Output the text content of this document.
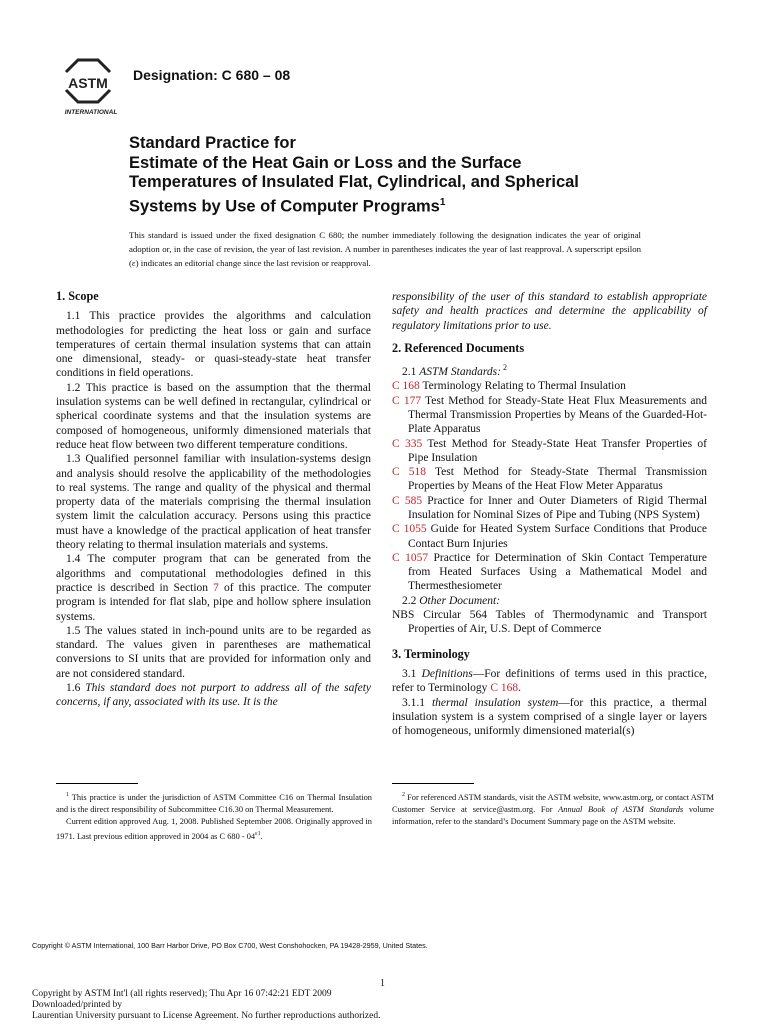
ASTM
INTERNATIONAL
Designation: C 680 – 08
Standard Practice for
Estimate of the Heat Gain or Loss and the Surface
Temperatures of Insulated Flat, Cylindrical, and Spherical
Systems by Use of Computer Programs$^1$
This standard is issued under the fixed designation C 680; the number immediately following the designation indicates the year of original adoption or, in the case of revision, the year of last revision. A number in parentheses indicates the year of last reapproval. A superscript epsilon (ε) indicates an editorial change since the last revision or reapproval.
1. Scope

1.1 This practice provides the algorithms and calculation methodologies for predicting the heat loss or gain and surface temperatures of certain thermal insulation systems that can attain one dimensional, steady- or quasi-steady-state heat transfer conditions in field operations.

1.2 This practice is based on the assumption that the thermal insulation systems can be well defined in rectangular, cylindrical or spherical coordinate systems and that the insulation systems are composed of homogeneous, uniformly dimensioned materials that reduce heat flow between two different temperature conditions.

1.3 Qualified personnel familiar with insulation-systems design and analysis should resolve the applicability of the methodologies to real systems. The range and quality of the physical and thermal property data of the materials comprising the thermal insulation system limit the calculation accuracy. Persons using this practice must have a knowledge of the practical application of heat transfer theory relating to thermal insulation materials and systems.

1.4 The computer program that can be generated from the algorithms and computational methodologies defined in this practice is described in Section 7 of this practice. The computer program is intended for flat slab, pipe and hollow sphere insulation systems.

1.5 The values stated in inch-pound units are to be regarded as standard. The values given in parentheses are mathematical conversions to SI units that are provided for information only and are not considered standard.

1.6 This standard does not purport to address all of the safety concerns, if any, associated with its use. It is the

responsibility of the user of this standard to establish appropriate safety and health practices and determine the applicability of regulatory limitations prior to use.

2. Referenced Documents

2.1 ASTM Standards: $^2$

C 168 Terminology Relating to Thermal Insulation

C 177 Test Method for Steady-State Heat Flux Measurements and Thermal Transmission Properties by Means of the Guarded-Hot-Plate Apparatus

C 335 Test Method for Steady-State Heat Transfer Properties of Pipe Insulation

C 518 Test Method for Steady-State Thermal Transmission Properties by Means of the Heat Flow Meter Apparatus

C 585 Practice for Inner and Outer Diameters of Rigid Thermal Insulation for Nominal Sizes of Pipe and Tubing (NPS System)

C 1055 Guide for Heated System Surface Conditions that Produce Contact Burn Injuries

C 1057 Practice for Determination of Skin Contact Temperature from Heated Surfaces Using a Mathematical Model and Thermesthesiometer

2.2 Other Document:

NBS Circular 564 Tables of Thermodynamic and Transport Properties of Air, U.S. Dept of Commerce

3. Terminology

3.1 Definitions—For definitions of terms used in this practice, refer to Terminology C 168.

3.1.1 thermal insulation system—for this practice, a thermal insulation system is a system comprised of a single layer or layers of homogeneous, uniformly dimensioned material(s)

$^1$ This practice is under the jurisdiction of ASTM Committee C16 on Thermal Insulation and is the direct responsibility of Subcommittee C16.30 on Thermal Measurement.

Current edition approved Aug. 1, 2008. Published September 2008. Originally approved in 1971. Last previous edition approved in 2004 as C $680 - 04^{\varepsilon 1}$.

$^2$ For referenced ASTM standards, visit the ASTM website, www.astm.org, or contact ASTM Customer Service at service@astm.org. For Annual Book of ASTM Standards volume information, refer to the standard’s Document Summary page on the ASTM website.

Copyright © ASTM International, 100 Barr Harbor Drive, PO Box C700, West Conshohocken, PA 19428-2959, United States.
1
Copyright by ASTM Int'l (all rights reserved); Thu Apr 16 07:42:21 EDT 2009
Downloaded/printed by
Laurentian University pursuant to License Agreement. No further reproductions authorized.
